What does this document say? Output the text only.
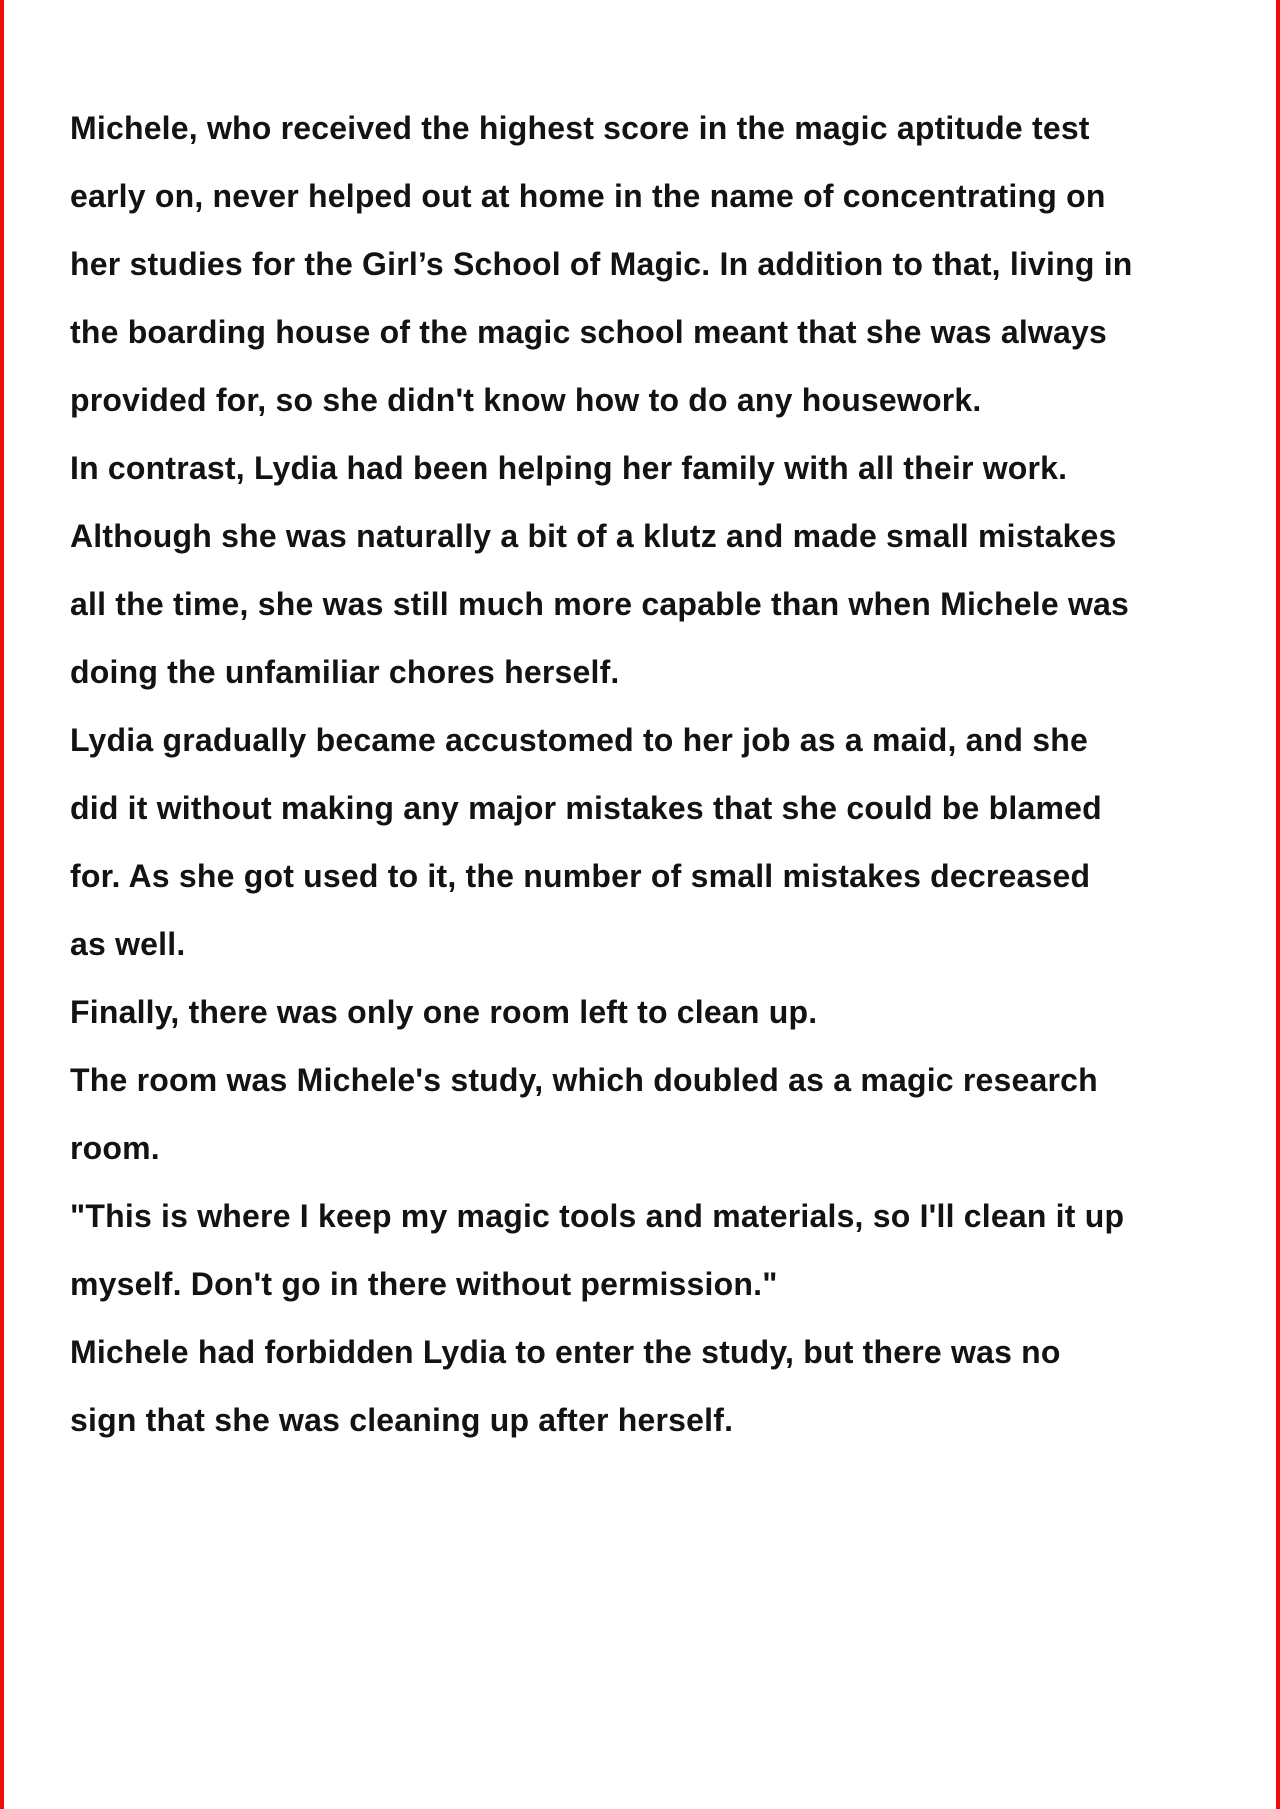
Michele, who received the highest score in the magic aptitude test
early on, never helped out at home in the name of concentrating on
her studies for the Girl’s School of Magic. In addition to that, living in
the boarding house of the magic school meant that she was always
provided for, so she didn't know how to do any housework.
In contrast, Lydia had been helping her family with all their work.
Although she was naturally a bit of a klutz and made small mistakes
all the time, she was still much more capable than when Michele was
doing the unfamiliar chores herself.
Lydia gradually became accustomed to her job as a maid, and she
did it without making any major mistakes that she could be blamed
for. As she got used to it, the number of small mistakes decreased
as well.
Finally, there was only one room left to clean up.
The room was Michele's study, which doubled as a magic research
room.
"This is where I keep my magic tools and materials, so I'll clean it up
myself. Don't go in there without permission."
Michele had forbidden Lydia to enter the study, but there was no
sign that she was cleaning up after herself.
